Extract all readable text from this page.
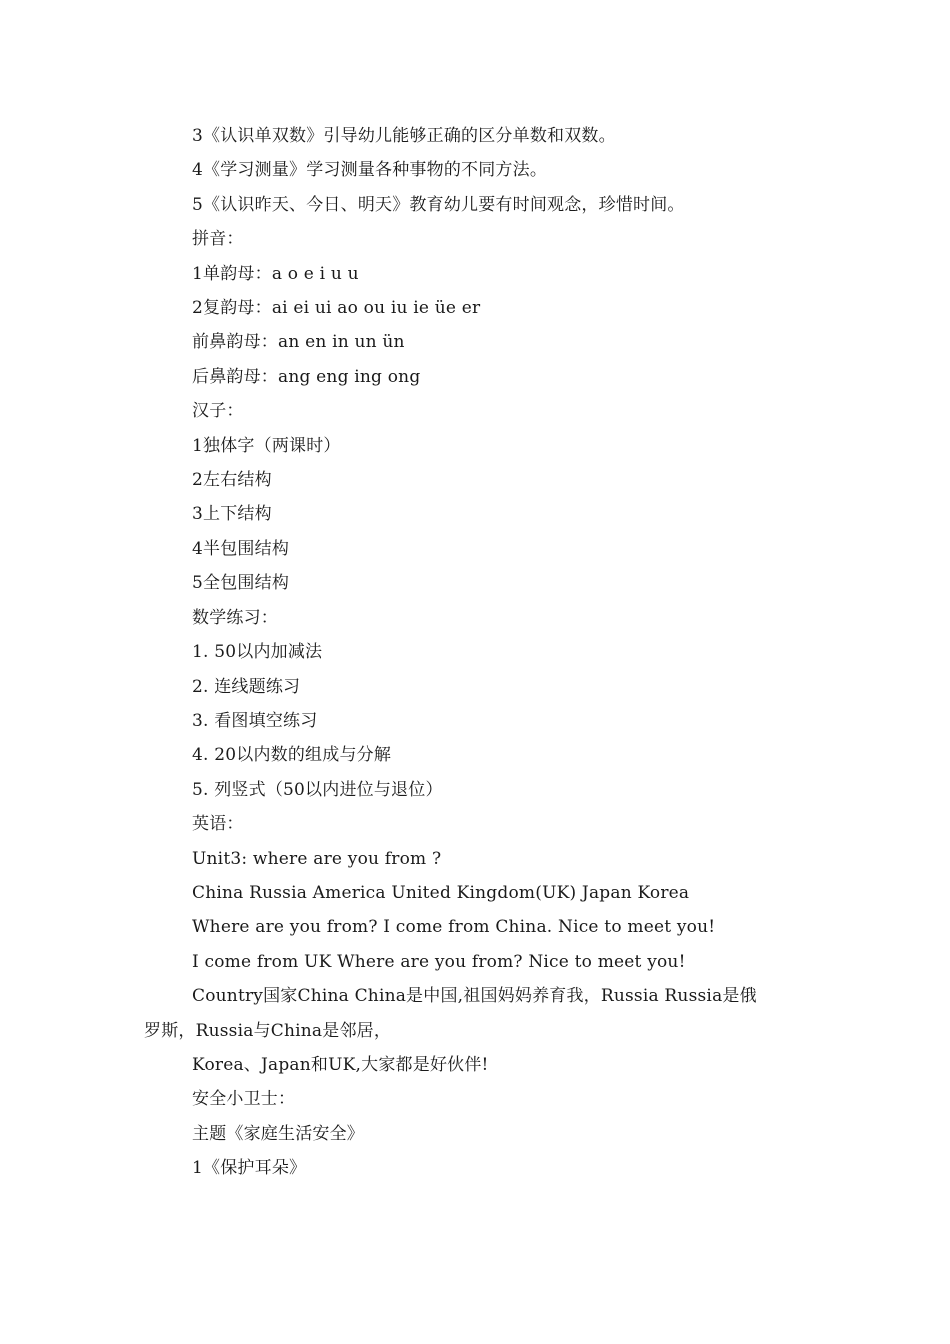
3《认识单双数》引导幼儿能够正确的区分单数和双数。
4《学习测量》学习测量各种事物的不同方法。
5《认识昨天、今日、明天》教育幼儿要有时间观念，珍惜时间。
拼音：
1单韵母：a o e i u u
2复韵母：ai ei ui ao ou iu ie üe er
前鼻韵母：an en in un ün
后鼻韵母：ang eng ing ong
汉子：
1独体字（两课时）
2左右结构
3上下结构
4半包围结构
5全包围结构
数学练习：
1. 50以内加减法
2. 连线题练习
3. 看图填空练习
4. 20以内数的组成与分解
5. 列竖式（50以内进位与退位）
英语：
Unit3: where are you from ?
China Russia America United Kingdom(UK) Japan Korea
Where are you from? I come from China. Nice to meet you!
I come from UK Where are you from? Nice to meet you!
Country国家China China是中国,祖国妈妈养育我，Russia Russia是俄
罗斯，Russia与China是邻居，
Korea、Japan和UK,大家都是好伙伴!
安全小卫士：
主题《家庭生活安全》
1《保护耳朵》
